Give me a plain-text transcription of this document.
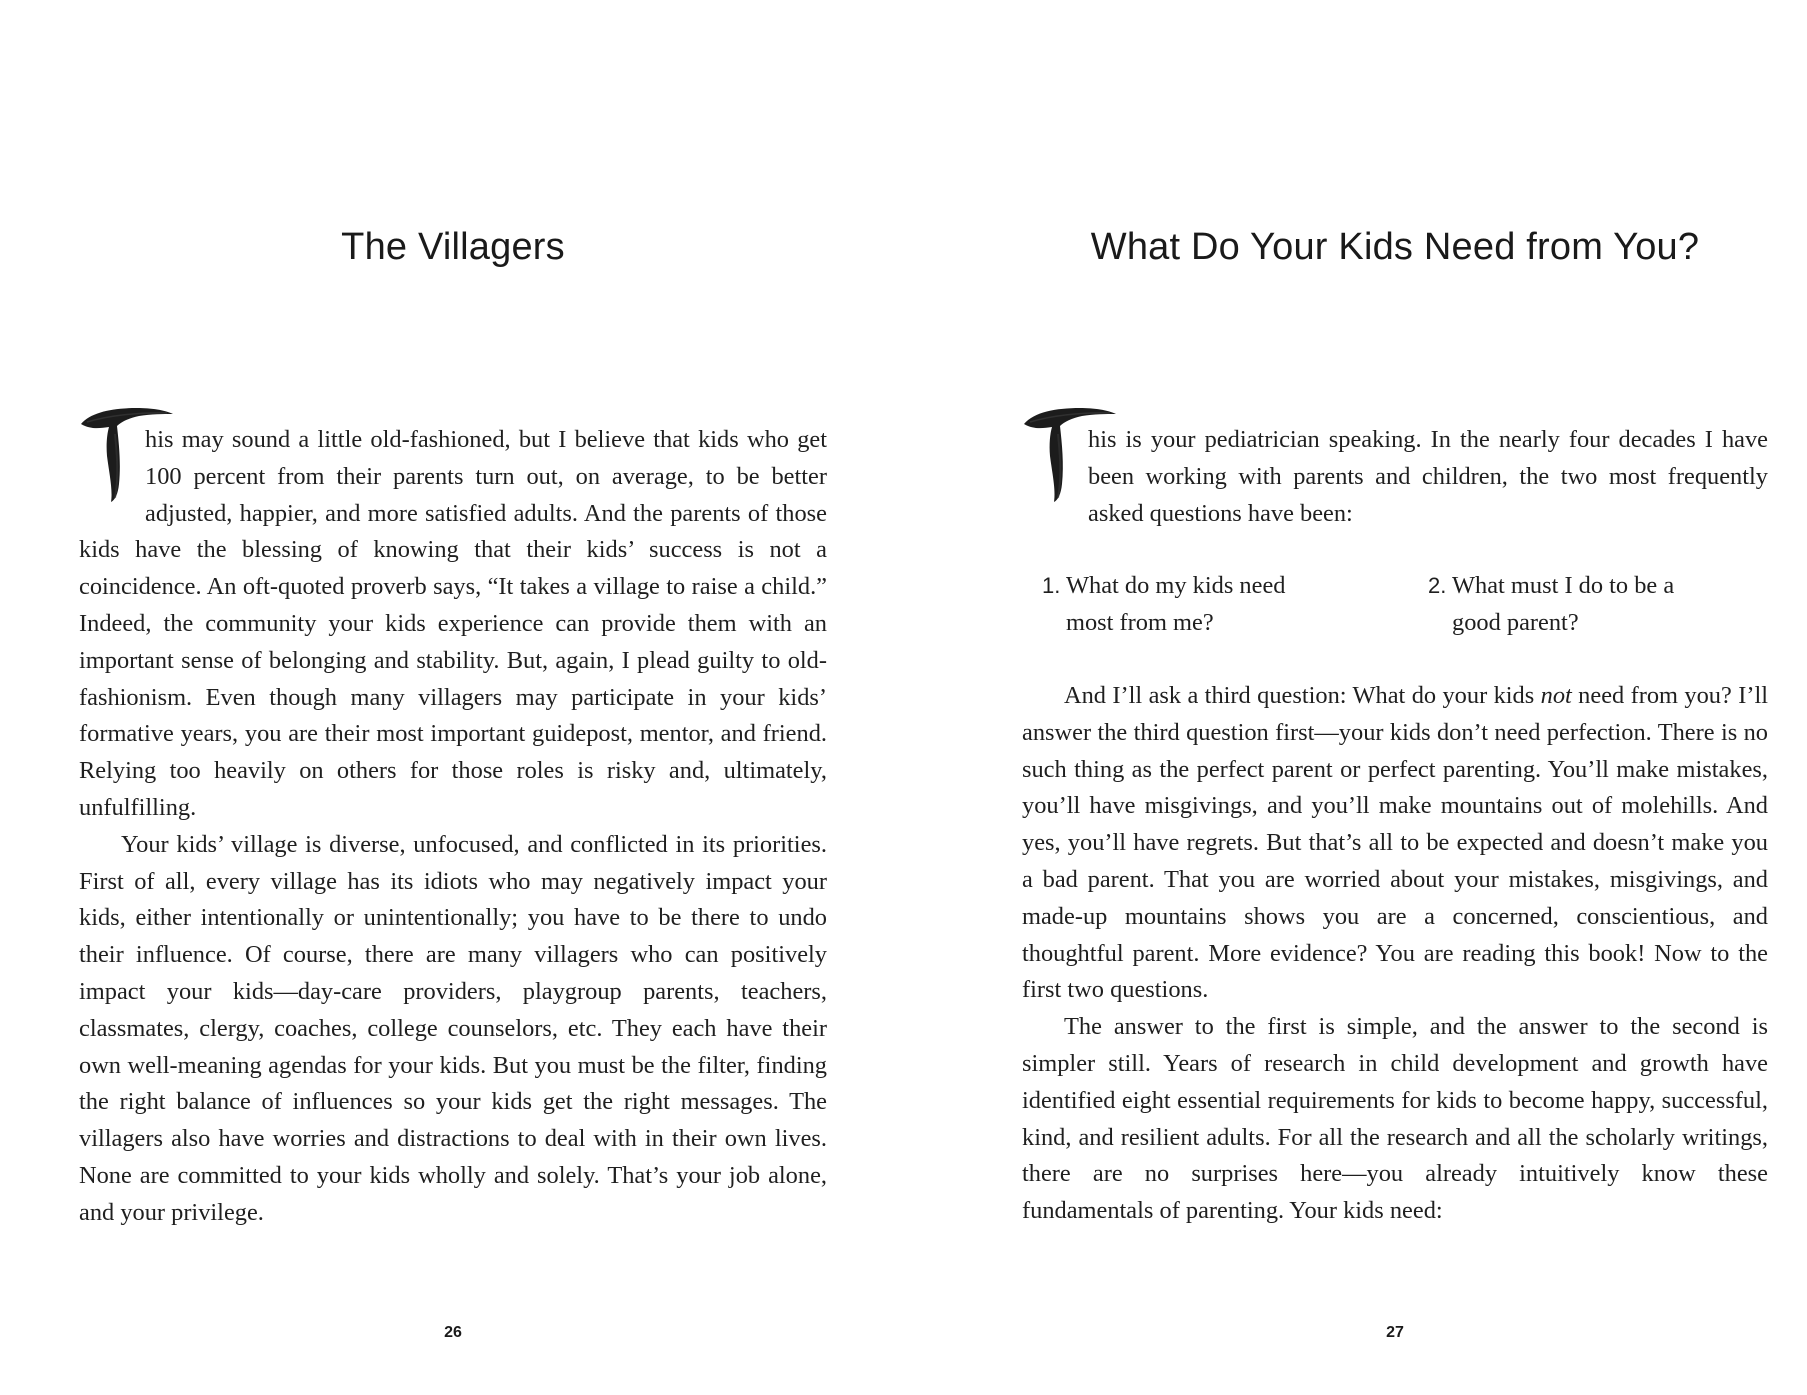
The Villagers

his may sound a little old-fashioned, but I believe that kids who get 100 percent from their parents turn out, on average, to be better adjusted, happier, and more satisfied adults. And the parents of those kids have the blessing of knowing that their kids’ success is not a coincidence. An oft-quoted proverb says, “It takes a village to raise a child.” Indeed, the community your kids experience can provide them with an important sense of belonging and stability. But, again, I plead guilty to old-fashionism. Even though many villagers may participate in your kids’ formative years, you are their most important guidepost, mentor, and friend. Relying too heavily on others for those roles is risky and, ultimately, unfulfilling.

Your kids’ village is diverse, unfocused, and conflicted in its priorities. First of all, every village has its idiots who may negatively impact your kids, either intentionally or unintentionally; you have to be there to undo their influence. Of course, there are many villagers who can positively impact your kids—day-care providers, playgroup parents, teachers, classmates, clergy, coaches, college counselors, etc. They each have their own well-meaning agendas for your kids. But you must be the filter, finding the right balance of influences so your kids get the right messages. The villagers also have worries and distractions to deal with in their own lives. None are committed to your kids wholly and solely. That’s your job alone, and your privilege.

26
What Do Your Kids Need from You?

his is your pediatrician speaking. In the nearly four decades I have been working with parents and children, the two most frequently asked questions have been:

1. What do my kids need most from me?
2. What must I do to be a good parent?

And I’ll ask a third question: What do your kids not need from you? I’ll answer the third question first—your kids don’t need perfection. There is no such thing as the perfect parent or perfect parenting. You’ll make mistakes, you’ll have misgivings, and you’ll make mountains out of molehills. And yes, you’ll have regrets. But that’s all to be expected and doesn’t make you a bad parent. That you are worried about your mistakes, misgivings, and made-up mountains shows you are a concerned, conscientious, and thoughtful parent. More evidence? You are reading this book! Now to the first two questions.

The answer to the first is simple, and the answer to the second is simpler still. Years of research in child development and growth have identified eight essential requirements for kids to become happy, successful, kind, and resilient adults. For all the research and all the scholarly writings, there are no surprises here—you already intuitively know these fundamentals of parenting. Your kids need:

27
